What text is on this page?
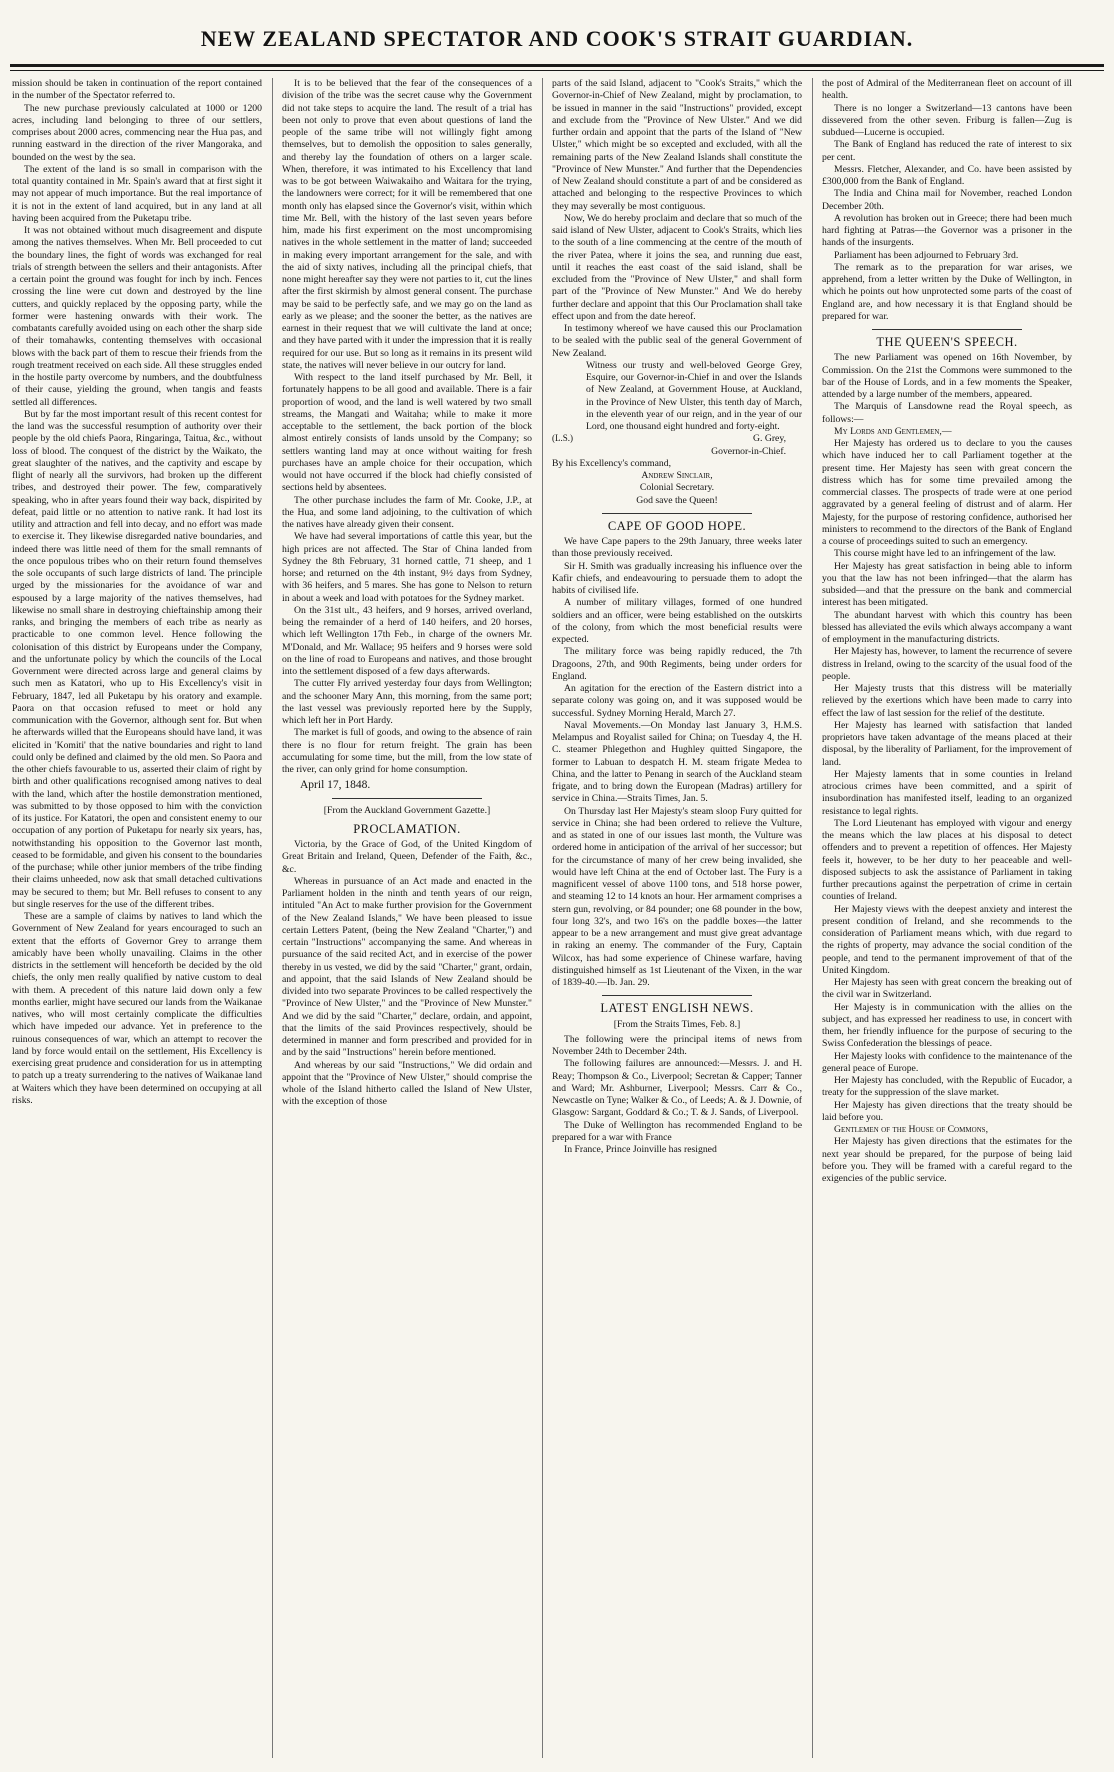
NEW ZEALAND SPECTATOR AND COOK'S STRAIT GUARDIAN.

mission should be taken in continuation of the report contained in the number of the Spectator referred to.

The new purchase previously calculated at 1000 or 1200 acres, including land belonging to three of our settlers, comprises about 2000 acres, commencing near the Hua pas, and running eastward in the direction of the river Mangoraka, and bounded on the west by the sea.

The extent of the land is so small in comparison with the total quantity contained in Mr. Spain's award that at first sight it may not appear of much importance. But the real importance of it is not in the extent of land acquired, but in any land at all having been acquired from the Puketapu tribe.

It was not obtained without much disagreement and dispute among the natives themselves. When Mr. Bell proceeded to cut the boundary lines, the fight of words was exchanged for real trials of strength between the sellers and their antagonists. After a certain point the ground was fought for inch by inch. Fences crossing the line were cut down and destroyed by the line cutters, and quickly replaced by the opposing party, while the former were hastening onwards with their work. The combatants carefully avoided using on each other the sharp side of their tomahawks, contenting themselves with occasional blows with the back part of them to rescue their friends from the rough treatment received on each side. All these struggles ended in the hostile party overcome by numbers, and the doubtfulness of their cause, yielding the ground, when tangis and feasts settled all differences.

But by far the most important result of this recent contest for the land was the successful resumption of authority over their people by the old chiefs Paora, Ringaringa, Taitua, &c., without loss of blood. The conquest of the district by the Waikato, the great slaughter of the natives, and the captivity and escape by flight of nearly all the survivors, had broken up the different tribes, and destroyed their power. The few, comparatively speaking, who in after years found their way back, dispirited by defeat, paid little or no attention to native rank. It had lost its utility and attraction and fell into decay, and no effort was made to exercise it. They likewise disregarded native boundaries, and indeed there was little need of them for the small remnants of the once populous tribes who on their return found themselves the sole occupants of such large districts of land. The principle urged by the missionaries for the avoidance of war and espoused by a large majority of the natives themselves, had likewise no small share in destroying chieftainship among their ranks, and bringing the members of each tribe as nearly as practicable to one common level. Hence following the colonisation of this district by Europeans under the Company, and the unfortunate policy by which the councils of the Local Government were directed across large and general claims by such men as Katatori, who up to His Excellency's visit in February, 1847, led all Puketapu by his oratory and example. Paora on that occasion refused to meet or hold any communication with the Governor, although sent for. But when he afterwards willed that the Europeans should have land, it was elicited in 'Komiti' that the native boundaries and right to land could only be defined and claimed by the old men. So Paora and the other chiefs favourable to us, asserted their claim of right by birth and other qualifications recognised among natives to deal with the land, which after the hostile demonstration mentioned, was submitted to by those opposed to him with the conviction of its justice. For Katatori, the open and consistent enemy to our occupation of any portion of Puketapu for nearly six years, has, notwithstanding his opposition to the Governor last month, ceased to be formidable, and given his consent to the boundaries of the purchase; while other junior members of the tribe finding their claims unheeded, now ask that small detached cultivations may be secured to them; but Mr. Bell refuses to consent to any but single reserves for the use of the different tribes.

These are a sample of claims by natives to land which the Government of New Zealand for years encouraged to such an extent that the efforts of Governor Grey to arrange them amicably have been wholly unavailing. Claims in the other districts in the settlement will henceforth be decided by the old chiefs, the only men really qualified by native custom to deal with them. A precedent of this nature laid down only a few months earlier, might have secured our lands from the Waikanae natives, who will most certainly complicate the difficulties which have impeded our advance. Yet in preference to the ruinous consequences of war, which an attempt to recover the land by force would entail on the settlement, His Excellency is exercising great prudence and consideration for us in attempting to patch up a treaty surrendering to the natives of Waikanae land at Waiters which they have been determined on occupying at all risks.

It is to be believed that the fear of the consequences of a division of the tribe was the secret cause why the Government did not take steps to acquire the land. The result of a trial has been not only to prove that even about questions of land the people of the same tribe will not willingly fight among themselves, but to demolish the opposition to sales generally, and thereby lay the foundation of others on a larger scale. When, therefore, it was intimated to his Excellency that land was to be got between Waiwakaiho and Waitara for the trying, the landowners were correct; for it will be remembered that one month only has elapsed since the Governor's visit, within which time Mr. Bell, with the history of the last seven years before him, made his first experiment on the most uncompromising natives in the whole settlement in the matter of land; succeeded in making every important arrangement for the sale, and with the aid of sixty natives, including all the principal chiefs, that none might hereafter say they were not parties to it, cut the lines after the first skirmish by almost general consent. The purchase may be said to be perfectly safe, and we may go on the land as early as we please; and the sooner the better, as the natives are earnest in their request that we will cultivate the land at once; and they have parted with it under the impression that it is really required for our use. But so long as it remains in its present wild state, the natives will never believe in our outcry for land.

With respect to the land itself purchased by Mr. Bell, it fortunately happens to be all good and available. There is a fair proportion of wood, and the land is well watered by two small streams, the Mangati and Waitaha; while to make it more acceptable to the settlement, the back portion of the block almost entirely consists of lands unsold by the Company; so settlers wanting land may at once without waiting for fresh purchases have an ample choice for their occupation, which would not have occurred if the block had chiefly consisted of sections held by absentees.

The other purchase includes the farm of Mr. Cooke, J.P., at the Hua, and some land adjoining, to the cultivation of which the natives have already given their consent.

We have had several importations of cattle this year, but the high prices are not affected. The Star of China landed from Sydney the 8th February, 31 horned cattle, 71 sheep, and 1 horse; and returned on the 4th instant, 9½ days from Sydney, with 36 heifers, and 5 mares. She has gone to Nelson to return in about a week and load with potatoes for the Sydney market.

On the 31st ult., 43 heifers, and 9 horses, arrived overland, being the remainder of a herd of 140 heifers, and 20 horses, which left Wellington 17th Feb., in charge of the owners Mr. M'Donald, and Mr. Wallace; 95 heifers and 9 horses were sold on the line of road to Europeans and natives, and those brought into the settlement disposed of a few days afterwards.

The cutter Fly arrived yesterday four days from Wellington; and the schooner Mary Ann, this morning, from the same port; the last vessel was previously reported here by the Supply, which left her in Port Hardy.

The market is full of goods, and owing to the absence of rain there is no flour for return freight. The grain has been accumulating for some time, but the mill, from the low state of the river, can only grind for home consumption.

April 17, 1848.

[From the Auckland Government Gazette.]

PROCLAMATION.

Victoria, by the Grace of God, of the United Kingdom of Great Britain and Ireland, Queen, Defender of the Faith, &c., &c.

Whereas in pursuance of an Act made and enacted in the Parliament holden in the ninth and tenth years of our reign, intituled "An Act to make further provision for the Government of the New Zealand Islands," We have been pleased to issue certain Letters Patent, (being the New Zealand "Charter,") and certain "Instructions" accompanying the same. And whereas in pursuance of the said recited Act, and in exercise of the power thereby in us vested, we did by the said "Charter," grant, ordain, and appoint, that the said Islands of New Zealand should be divided into two separate Provinces to be called respectively the "Province of New Ulster," and the "Province of New Munster." And we did by the said "Charter," declare, ordain, and appoint, that the limits of the said Provinces respectively, should be determined in manner and form prescribed and provided for in and by the said "Instructions" herein before mentioned.

And whereas by our said "Instructions," We did ordain and appoint that the "Province of New Ulster," should comprise the whole of the Island hitherto called the Island of New Ulster, with the exception of those

parts of the said Island, adjacent to "Cook's Straits," which the Governor-in-Chief of New Zealand, might by proclamation, to be issued in manner in the said "Instructions" provided, except and exclude from the "Province of New Ulster." And we did further ordain and appoint that the parts of the Island of "New Ulster," which might be so excepted and excluded, with all the remaining parts of the New Zealand Islands shall constitute the "Province of New Munster." And further that the Dependencies of New Zealand should constitute a part of and be considered as attached and belonging to the respective Provinces to which they may severally be most contiguous.

Now, We do hereby proclaim and declare that so much of the said island of New Ulster, adjacent to Cook's Straits, which lies to the south of a line commencing at the centre of the mouth of the river Patea, where it joins the sea, and running due east, until it reaches the east coast of the said island, shall be excluded from the "Province of New Ulster," and shall form part of the "Province of New Munster." And We do hereby further declare and appoint that this Our Proclamation shall take effect upon and from the date hereof.

In testimony whereof we have caused this our Proclamation to be sealed with the public seal of the general Government of New Zealand.

(L.S.)
Witness our trusty and well-beloved George Grey, Esquire, our Governor-in-Chief in and over the Islands of New Zealand, at Government House, at Auckland, in the Province of New Ulster, this tenth day of March, in the eleventh year of our reign, and in the year of our Lord, one thousand eight hundred and forty-eight.

G. Grey,

Governor-in-Chief.

By his Excellency's command,

Andrew Sinclair,

Colonial Secretary.

God save the Queen!

CAPE OF GOOD HOPE.

We have Cape papers to the 29th January, three weeks later than those previously received.

Sir H. Smith was gradually increasing his influence over the Kafir chiefs, and endeavouring to persuade them to adopt the habits of civilised life.

A number of military villages, formed of one hundred soldiers and an officer, were being established on the outskirts of the colony, from which the most beneficial results were expected.

The military force was being rapidly reduced, the 7th Dragoons, 27th, and 90th Regiments, being under orders for England.

An agitation for the erection of the Eastern district into a separate colony was going on, and it was supposed would be successful. Sydney Morning Herald, March 27.

Naval Movements.—On Monday last January 3, H.M.S. Melampus and Royalist sailed for China; on Tuesday 4, the H. C. steamer Phlegethon and Hughley quitted Singapore, the former to Labuan to despatch H. M. steam frigate Medea to China, and the latter to Penang in search of the Auckland steam frigate, and to bring down the European (Madras) artillery for service in China.—Straits Times, Jan. 5.

On Thursday last Her Majesty's steam sloop Fury quitted for service in China; she had been ordered to relieve the Vulture, and as stated in one of our issues last month, the Vulture was ordered home in anticipation of the arrival of her successor; but for the circumstance of many of her crew being invalided, she would have left China at the end of October last. The Fury is a magnificent vessel of above 1100 tons, and 518 horse power, and steaming 12 to 14 knots an hour. Her armament comprises a stern gun, revolving, or 84 pounder; one 68 pounder in the bow, four long 32's, and two 16's on the paddle boxes—the latter appear to be a new arrangement and must give great advantage in raking an enemy. The commander of the Fury, Captain Wilcox, has had some experience of Chinese warfare, having distinguished himself as 1st Lieutenant of the Vixen, in the war of 1839-40.—Ib. Jan. 29.

LATEST ENGLISH NEWS.

[From the Straits Times, Feb. 8.]

The following were the principal items of news from November 24th to December 24th.

The following failures are announced:—Messrs. J. and H. Reay; Thompson & Co., Liverpool; Secretan & Capper; Tanner and Ward; Mr. Ashburner, Liverpool; Messrs. Carr & Co., Newcastle on Tyne; Walker & Co., of Leeds; A. & J. Downie, of Glasgow: Sargant, Goddard & Co.; T. & J. Sands, of Liverpool.

The Duke of Wellington has recommended England to be prepared for a war with France

In France, Prince Joinville has resigned

the post of Admiral of the Mediterranean fleet on account of ill health.

There is no longer a Switzerland—13 cantons have been dissevered from the other seven. Friburg is fallen—Zug is subdued—Lucerne is occupied.

The Bank of England has reduced the rate of interest to six per cent.

Messrs. Fletcher, Alexander, and Co. have been assisted by £300,000 from the Bank of England.

The India and China mail for November, reached London December 20th.

A revolution has broken out in Greece; there had been much hard fighting at Patras—the Governor was a prisoner in the hands of the insurgents.

Parliament has been adjourned to February 3rd.

The remark as to the preparation for war arises, we apprehend, from a letter written by the Duke of Wellington, in which he points out how unprotected some parts of the coast of England are, and how necessary it is that England should be prepared for war.

THE QUEEN'S SPEECH.

The new Parliament was opened on 16th November, by Commission. On the 21st the Commons were summoned to the bar of the House of Lords, and in a few moments the Speaker, attended by a large number of the members, appeared.

The Marquis of Lansdowne read the Royal speech, as follows:—

My Lords and Gentlemen,—

Her Majesty has ordered us to declare to you the causes which have induced her to call Parliament together at the present time. Her Majesty has seen with great concern the distress which has for some time prevailed among the commercial classes. The prospects of trade were at one period aggravated by a general feeling of distrust and of alarm. Her Majesty, for the purpose of restoring confidence, authorised her ministers to recommend to the directors of the Bank of England a course of proceedings suited to such an emergency.

This course might have led to an infringement of the law.

Her Majesty has great satisfaction in being able to inform you that the law has not been infringed—that the alarm has subsided—and that the pressure on the bank and commercial interest has been mitigated.

The abundant harvest with which this country has been blessed has alleviated the evils which always accompany a want of employment in the manufacturing districts.

Her Majesty has, however, to lament the recurrence of severe distress in Ireland, owing to the scarcity of the usual food of the people.

Her Majesty trusts that this distress will be materially relieved by the exertions which have been made to carry into effect the law of last session for the relief of the destitute.

Her Majesty has learned with satisfaction that landed proprietors have taken advantage of the means placed at their disposal, by the liberality of Parliament, for the improvement of land.

Her Majesty laments that in some counties in Ireland atrocious crimes have been committed, and a spirit of insubordination has manifested itself, leading to an organized resistance to legal rights.

The Lord Lieutenant has employed with vigour and energy the means which the law places at his disposal to detect offenders and to prevent a repetition of offences. Her Majesty feels it, however, to be her duty to her peaceable and well-disposed subjects to ask the assistance of Parliament in taking further precautions against the perpetration of crime in certain counties of Ireland.

Her Majesty views with the deepest anxiety and interest the present condition of Ireland, and she recommends to the consideration of Parliament means which, with due regard to the rights of property, may advance the social condition of the people, and tend to the permanent improvement of that of the United Kingdom.

Her Majesty has seen with great concern the breaking out of the civil war in Switzerland.

Her Majesty is in communication with the allies on the subject, and has expressed her readiness to use, in concert with them, her friendly influence for the purpose of securing to the Swiss Confederation the blessings of peace.

Her Majesty looks with confidence to the maintenance of the general peace of Europe.

Her Majesty has concluded, with the Republic of Eucador, a treaty for the suppression of the slave market.

Her Majesty has given directions that the treaty should be laid before you.

Gentlemen of the House of Commons,

Her Majesty has given directions that the estimates for the next year should be prepared, for the purpose of being laid before you. They will be framed with a careful regard to the exigencies of the public service.
